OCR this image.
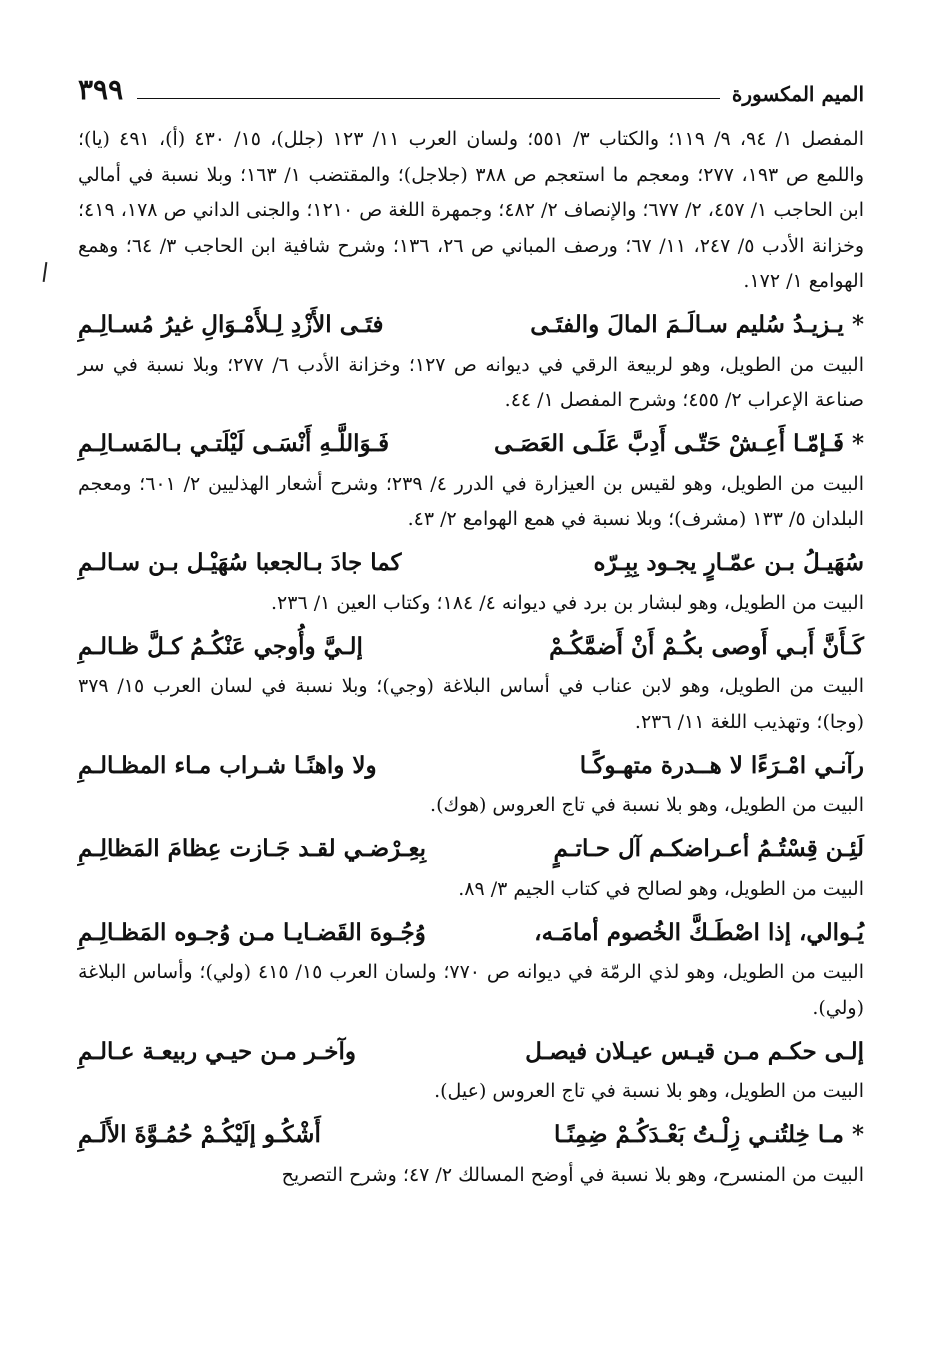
الميم المكسورة
٣٩٩
المفصل ١/ ٩٤، ٩/ ١١٩؛ والكتاب ٣/ ٥٥١؛ ولسان العرب ١١/ ١٢٣ (جلل)، ١٥/ ٤٣٠ (أ)، ٤٩١ (يا)؛ واللمع ص ١٩٣، ٢٧٧؛ ومعجم ما استعجم ص ٣٨٨ (جلاجل)؛ والمقتضب ١/ ١٦٣؛ وبلا نسبة في أمالي ابن الحاجب ١/ ٤٥٧، ٢/ ٦٧٧؛ والإنصاف ٢/ ٤٨٢؛ وجمهرة اللغة ص ١٢١٠؛ والجنى الداني ص ١٧٨، ٤١٩؛ وخزانة الأدب ٥/ ٢٤٧، ١١/ ٦٧؛ ورصف المباني ص ٢٦، ١٣٦؛ وشرح شافية ابن الحاجب ٣/ ٦٤؛ وهمع الهوامع ١/ ١٧٢.
*يـزيـدُ سُليم سـالَـمَ المالَ والفتَـى
فتَـى الأَزْدِ لِـلأَمْـوَالِ غيرُ مُسـالِـمِ
البيت من الطويل، وهو لربيعة الرقي في ديوانه ص ١٢٧؛ وخزانة الأدب ٦/ ٢٧٧؛ وبلا نسبة في سر صناعة الإعراب ٢/ ٤٥٥؛ وشرح المفصل ١/ ٤٤.
*فَـإمّـا أَعِـشْ حَتّـى أَدِبَّ عَلَـى العَصَـى
فَـوَاللَّـهِ أَنْسَـى لَيْلَتـي بـالمَسـالِـمِ
البيت من الطويل، وهو لقيس بن العيزارة في الدرر ٤/ ٢٣٩؛ وشرح أشعار الهذليين ٢/ ٦٠١؛ ومعجم البلدان ٥/ ١٣٣ (مشرف)؛ وبلا نسبة في همع الهوامع ٢/ ٤٣.
سُهَيـلُ بـن عمّـارٍ يجـود بِبِـرّه
كما جادَ بـالجعبا سُهَيْـل بـن سـالـمِ
البيت من الطويل، وهو لبشار بن برد في ديوانه ٤/ ١٨٤؛ وكتاب العين ١/ ٢٣٦.
كَـأَنَّ أَبـي أَوصى بكُـمْ أَنْ أَضمَّكُـمْ
إلـيَّ وأُوجي عَنْكُـمُ كـلَّ ظـالـمِ
البيت من الطويل، وهو لابن عناب في أساس البلاغة (وجي)؛ وبلا نسبة في لسان العرب ١٥/ ٣٧٩ (وجا)؛ وتهذيب اللغة ١١/ ٢٣٦.
رآنـي امْـرَءًا لا هــدرة متهـوكًـا
ولا واهنًـا شـراب مـاء المظـالـمِ
البيت من الطويل، وهو بلا نسبة في تاج العروس (هوك).
لَئِـن قِسْتُـمُ أعـراضكـم آل حـاتـمٍ
بِعِـرْضـي لقـد جَـازت عِظامَ المَظالِـمِ
البيت من الطويل، وهو لصالح في كتاب الجيم ٣/ ٨٩.
يُـوالي، إذا اصْطَـكَّ الخُصوم أمامَـه،
وُجُـوهَ القَضـايـا مـن وُجـوه المَظـالِـمِ
البيت من الطويل، وهو لذي الرمّة في ديوانه ص ٧٧٠؛ ولسان العرب ١٥/ ٤١٥ (ولي)؛ وأساس البلاغة (ولي).
إلـى حكـم مـن قيـس عيـلان فيصـل
وآخـر مـن حيـي ربيعـة عـالـمِ
البيت من الطويل، وهو بلا نسبة في تاج العروس (عيل).
*مـا خِلتُنـي زِلْـتُ بَعْـدَكُـمْ ضِمِنًـا
أَشْكُـو إلَيْكُـمْ حُمُـوَّةَ الأَلَـمِ
البيت من المنسرح، وهو بلا نسبة في أوضح المسالك ٢/ ٤٧؛ وشرح التصريح
